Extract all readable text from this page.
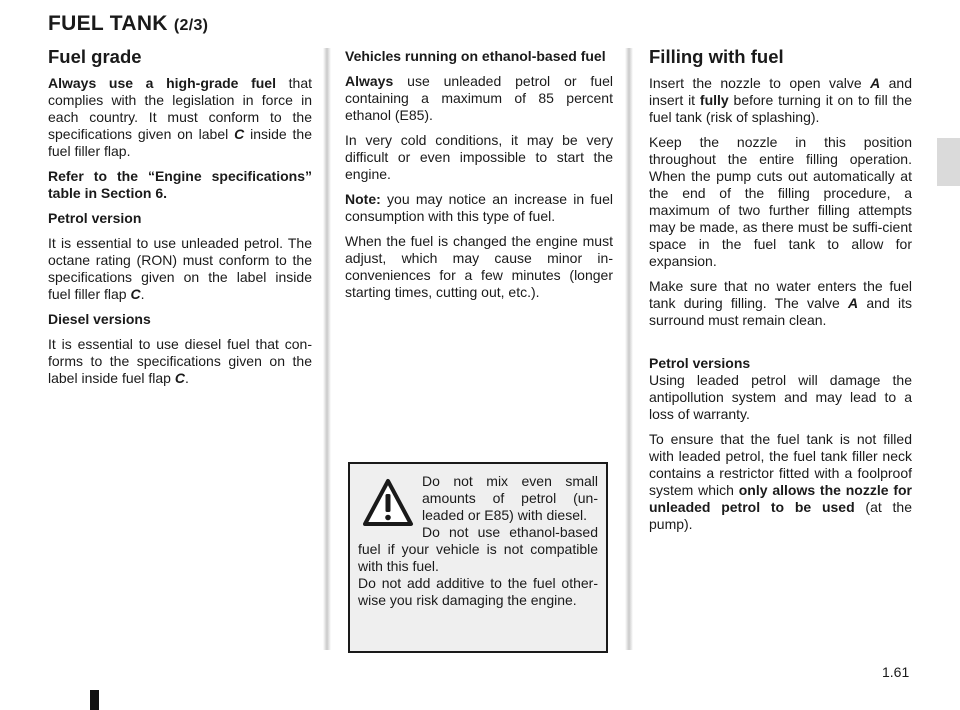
FUEL TANK (2/3)
Fuel grade

Always use a high-grade fuel that complies with the legislation in force in each country. It must conform to the specifications given on label C inside the fuel filler flap.

Refer to the “Engine specifications” table in Section 6.

Petrol version

It is essential to use unleaded petrol. The octane rating (RON) must conform to the specifications given on the label inside fuel filler flap C.

Diesel versions

It is essential to use diesel fuel that con-forms to the specifications given on the label inside fuel flap C.

Vehicles running on ethanol-based fuel

Always use unleaded petrol or fuel containing a maximum of 85 percent ethanol (E85).

In very cold conditions, it may be very difficult or even impossible to start the engine.

Note: you may notice an increase in fuel consumption with this type of fuel.

When the fuel is changed the engine must adjust, which may cause minor in-conveniences for a few minutes (longer starting times, cutting out, etc.).

Do not mix even small amounts of petrol (un-leaded or E85) with diesel.

Do not use ethanol-based fuel if your vehicle is not compatible with this fuel.

Do not add additive to the fuel other-wise you risk damaging the engine.

Filling with fuel

Insert the nozzle to open valve A and insert it fully before turning it on to fill the fuel tank (risk of splashing).

Keep the nozzle in this position throughout the entire filling operation. When the pump cuts out automatically at the end of the filling procedure, a maximum of two further filling attempts may be made, as there must be suffi-cient space in the fuel tank to allow for expansion.

Make sure that no water enters the fuel tank during filling. The valve A and its surround must remain clean.

Petrol versions
Using leaded petrol will damage the antipollution system and may lead to a loss of warranty.

To ensure that the fuel tank is not filled with leaded petrol, the fuel tank filler neck contains a restrictor fitted with a foolproof system which only allows the nozzle for unleaded petrol to be used (at the pump).

1.61
